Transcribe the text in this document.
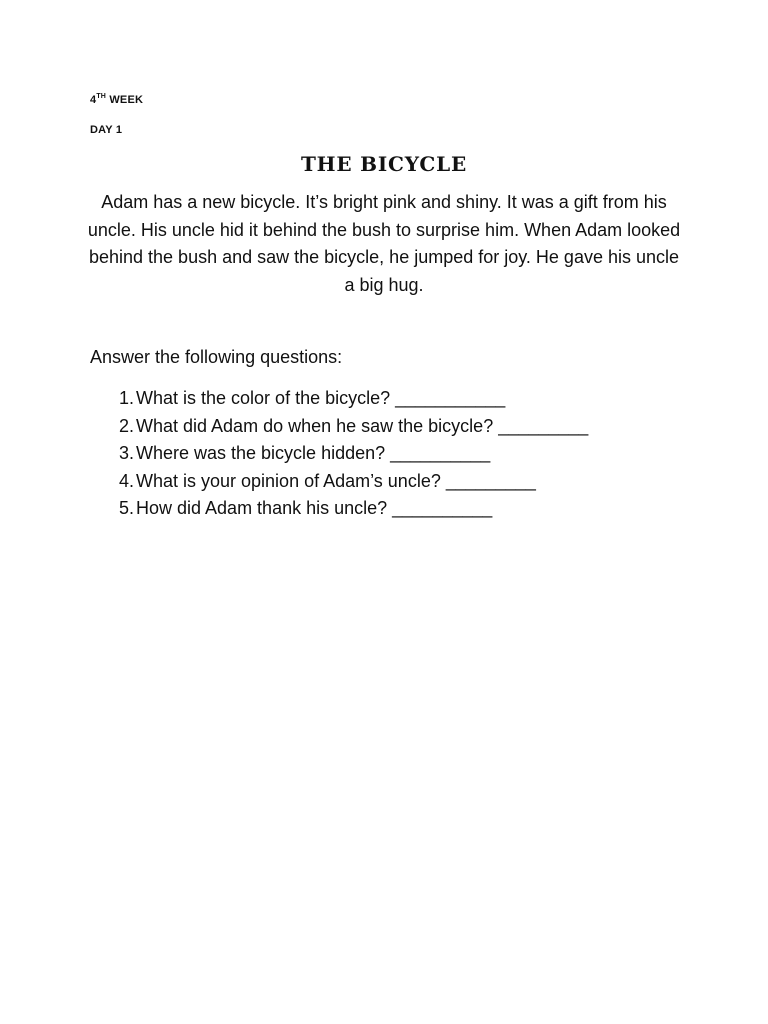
4TH WEEK
DAY 1
THE BICYCLE

Adam has a new bicycle. It’s bright pink and shiny. It was a gift from his uncle. His uncle hid it behind the bush to surprise him. When Adam looked behind the bush and saw the bicycle, he jumped for joy. He gave his uncle a big hug.

Answer the following questions:

1. What is the color of the bicycle? ___________
2. What did Adam do when he saw the bicycle? _________
3. Where was the bicycle hidden? __________
4. What is your opinion of Adam’s uncle? _________
5. How did Adam thank his uncle? __________
